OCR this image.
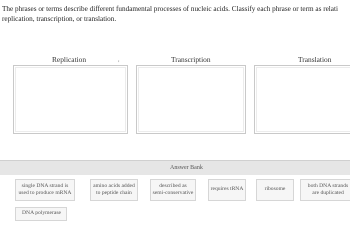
The phrases or terms describe different fundamental processes of nucleic acids. Classify each phrase or term as relati
replication, transcription, or translation.
Replication	Transcription	Translation
,
Answer Bank
single DNA strand is
used to produce mRNA
amino acids added
to peptide chain
described as
semi-conservative
requires tRNA	ribosome
both DNA strands
are duplicated
DNA polymerase
